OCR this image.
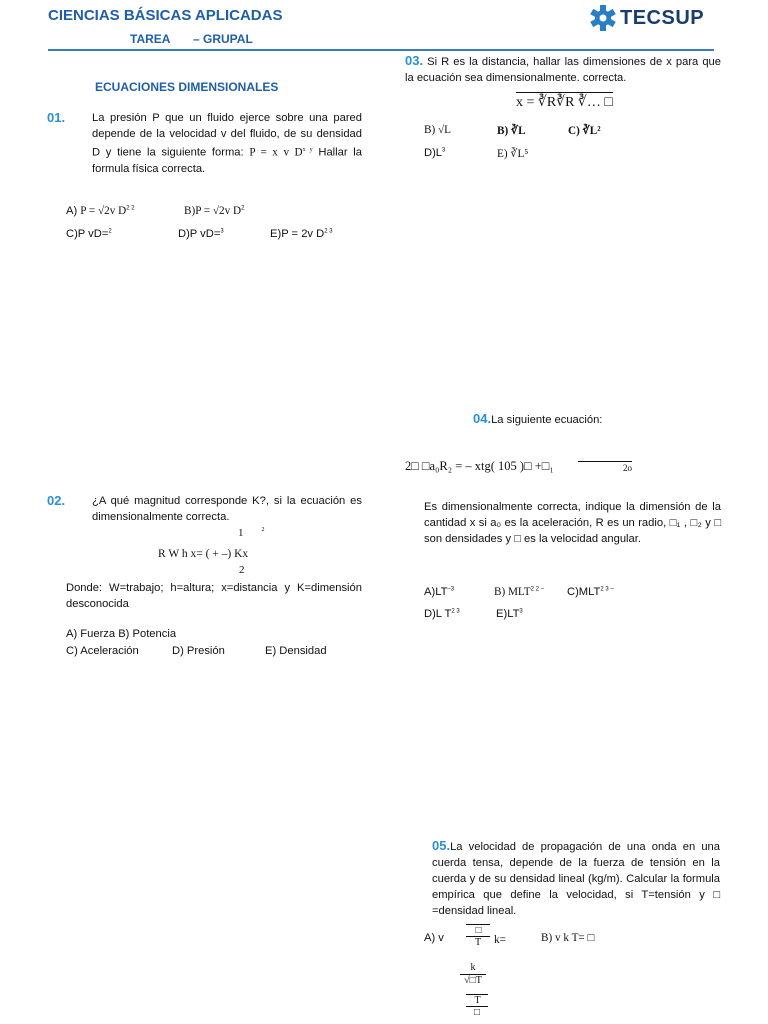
CIENCIAS BÁSICAS APLICADAS
TAREA – GRUPAL
TECSUP
ECUACIONES DIMENSIONALES
01. La presión P que un fluido ejerce sobre una pared depende de la velocidad v del fluido, de su densidad D y tiene la siguiente forma: P = x v $D^{x y}$ Hallar la formula física correcta.
A) P = √2v $D^{2 2}$	B)P = √2v $D^2$
C)P vD=$^2$	D)P vD=$^3$	E)P = 2v $D^{2 3}$
02. ¿A qué magnitud corresponde K?, si la ecuación es dimensionalmente correcta.
1	$^2$
R W h x= ( + –) Kx
2
Donde: W=trabajo; h=altura; x=distancia y K=dimensión desconocida
A) Fuerza B) Potencia
C) Aceleración	D) Presión	E) Densidad
03. Si R es la distancia, hallar las dimensiones de x para que la ecuación sea dimensionalmente. correcta.
x = ∛R∛R ∛… □
B) √L	B) ∛L	C) ∛L²
$D)L^3$	E) ∛L⁵
04.La siguiente ecuación:
2□ □a₀R₂ = – xtg( 105 )□ +□₁	2o
Es dimensionalmente correcta, indique la dimensión de la cantidad x si a₀ es la aceleración, R es un radio, □₁ , □₂ y □ son densidades y □ es la velocidad angular.
$A)LT^{-3}$	B) $MLT^{2 2 -}$ $C)MLT^{2 3 -}$
D)L $T^{2 3}$	$E)LT^3$
05.La velocidad de propagación de una onda en una cuerda tensa, depende de la fuerza de tensión en la cuerda y de su densidad lineal (kg/m). Calcular la formula empírica que define la velocidad, si T=tensión y □ =densidad lineal.
A) v
□
T	k=	B) v k T= □
k
√□T
T
□
